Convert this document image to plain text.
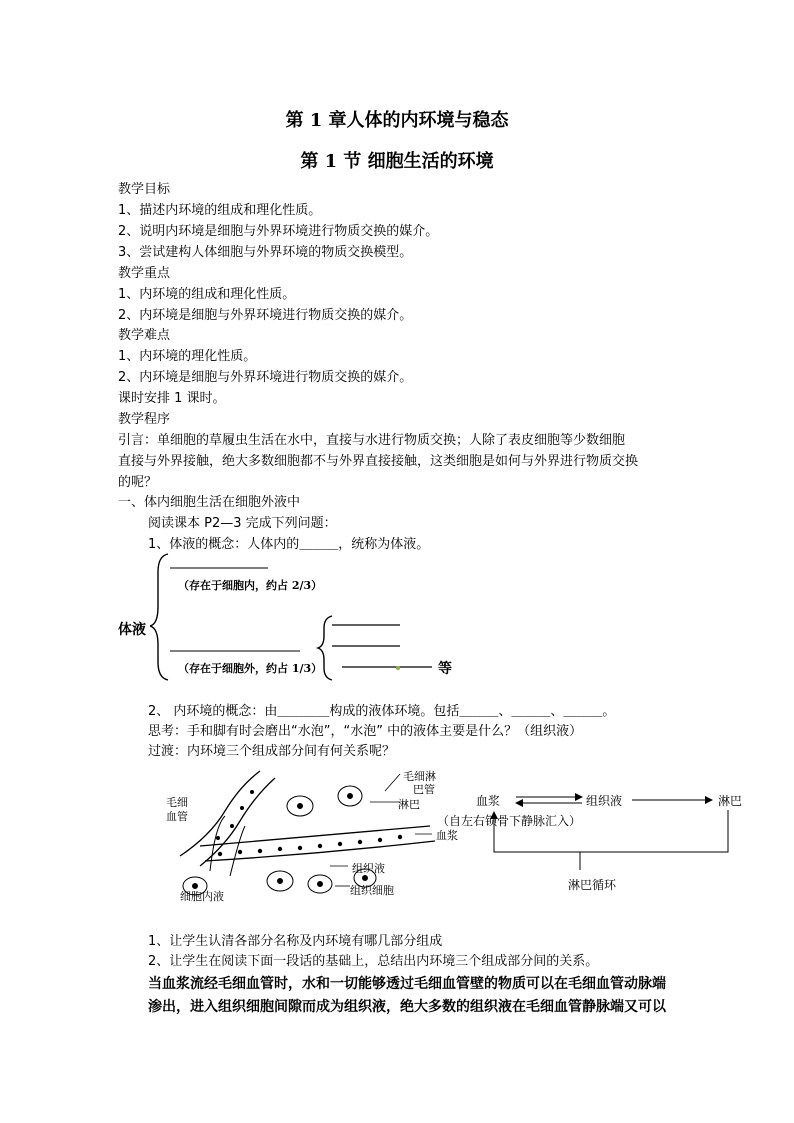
第 1 章人体的内环境与稳态
第 1 节 细胞生活的环境
教学目标
1、描述内环境的组成和理化性质。
2、说明内环境是细胞与外界环境进行物质交换的媒介。
3、尝试建构人体细胞与外界环境的物质交换模型。
教学重点
1、内环境的组成和理化性质。
2、内环境是细胞与外界环境进行物质交换的媒介。
教学难点
1、内环境的理化性质。
2、内环境是细胞与外界环境进行物质交换的媒介。
课时安排 1 课时。
教学程序
引言：单细胞的草履虫生活在水中，直接与水进行物质交换；人除了表皮细胞等少数细胞
直接与外界接触，绝大多数细胞都不与外界直接接触，这类细胞是如何与外界进行物质交换
的呢？
一、体内细胞生活在细胞外液中
阅读课本 P2—3 完成下列问题：
1、体液的概念：人体内的＿＿＿，统称为体液。
（存在于细胞内，约占 2/3）
体液
（存在于细胞外，约占 1/3）	等
2、 内环境的概念：由＿＿＿＿构成的液体环境。包括＿＿＿、＿＿＿、＿＿＿。
思考：手和脚有时会磨出“水泡”，“水泡” 中的液体主要是什么？（组织液）
过渡：内环境三个组成部分间有何关系呢？
毛细
血管
毛细淋
巴管
淋巴
血浆
组织液
组织细胞
细胞内液
血浆	组织液	淋巴
（自左右锁骨下静脉汇入）
淋巴循环
1、让学生认清各部分名称及内环境有哪几部分组成
2、让学生在阅读下面一段话的基础上，总结出内环境三个组成部分间的关系。
当血浆流经毛细血管时，水和一切能够透过毛细血管壁的物质可以在毛细血管动脉端
渗出，进入组织细胞间隙而成为组织液，绝大多数的组织液在毛细血管静脉端又可以
